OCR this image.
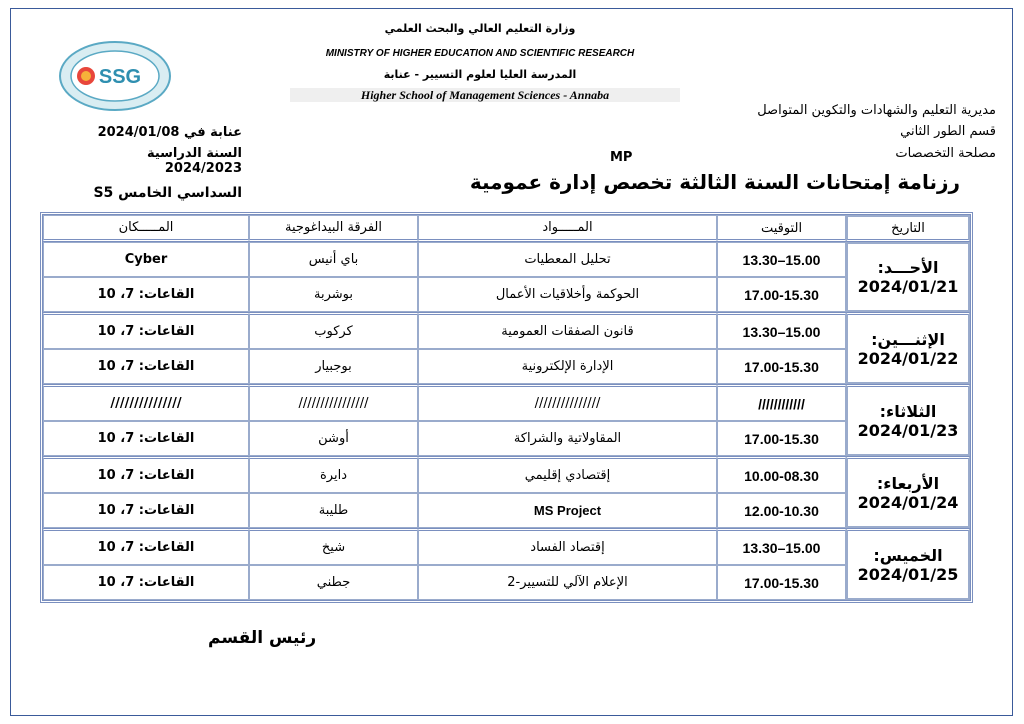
SSG
وزارة التعليم العالي والبحث العلمي
MINISTRY OF HIGHER EDUCATION AND SCIENTIFIC RESEARCH
المدرسة العليا لعلوم التسيير - عنابة
Higher School of Management Sciences - Annaba
مديرية التعليم والشهادات والتكوين المتواصل
قسم الطور الثاني
مصلحة التخصصات
عنابة في 2024/01/08
السنة الدراسية 2024/2023
MP
رزنامة إمتحانات السنة الثالثة تخصص إدارة عمومية
السداسي الخامس S5
التاريخ	التوقيت	المـــــواد	الفرقة البيداغوجية	المـــــكان

الأحـــد:
2024/01/21	15.00–13.30	تحليل المعطيات	باي أنيس	Cyber
	17.00-15.30	الحوكمة وأخلاقيات الأعمال	بوشربة	القاعات: 7، 10

الإثنـــين:
2024/01/22	15.00–13.30	قانون الصفقات العمومية	كركوب	القاعات: 7، 10
	17.00-15.30	الإدارة الإلكترونية	بوجبيار	القاعات: 7، 10

الثلاثاء:
2024/01/23	////////////	///////////////	////////////////	///////////////
	17.00-15.30	المقاولاتية والشراكة	أوشن	القاعات: 7، 10

الأربعاء:
2024/01/24	10.00-08.30	إقتصادي إقليمي	دايرة	القاعات: 7، 10
	12.00-10.30	MS Project	طليبة	القاعات: 7، 10

الخميس:
2024/01/25	15.00–13.30	إقتصاد الفساد	شيخ	القاعات: 7، 10
	17.00-15.30	الإعلام الآلي للتسيير-2	جطني	القاعات: 7، 10
رئيس القسم
